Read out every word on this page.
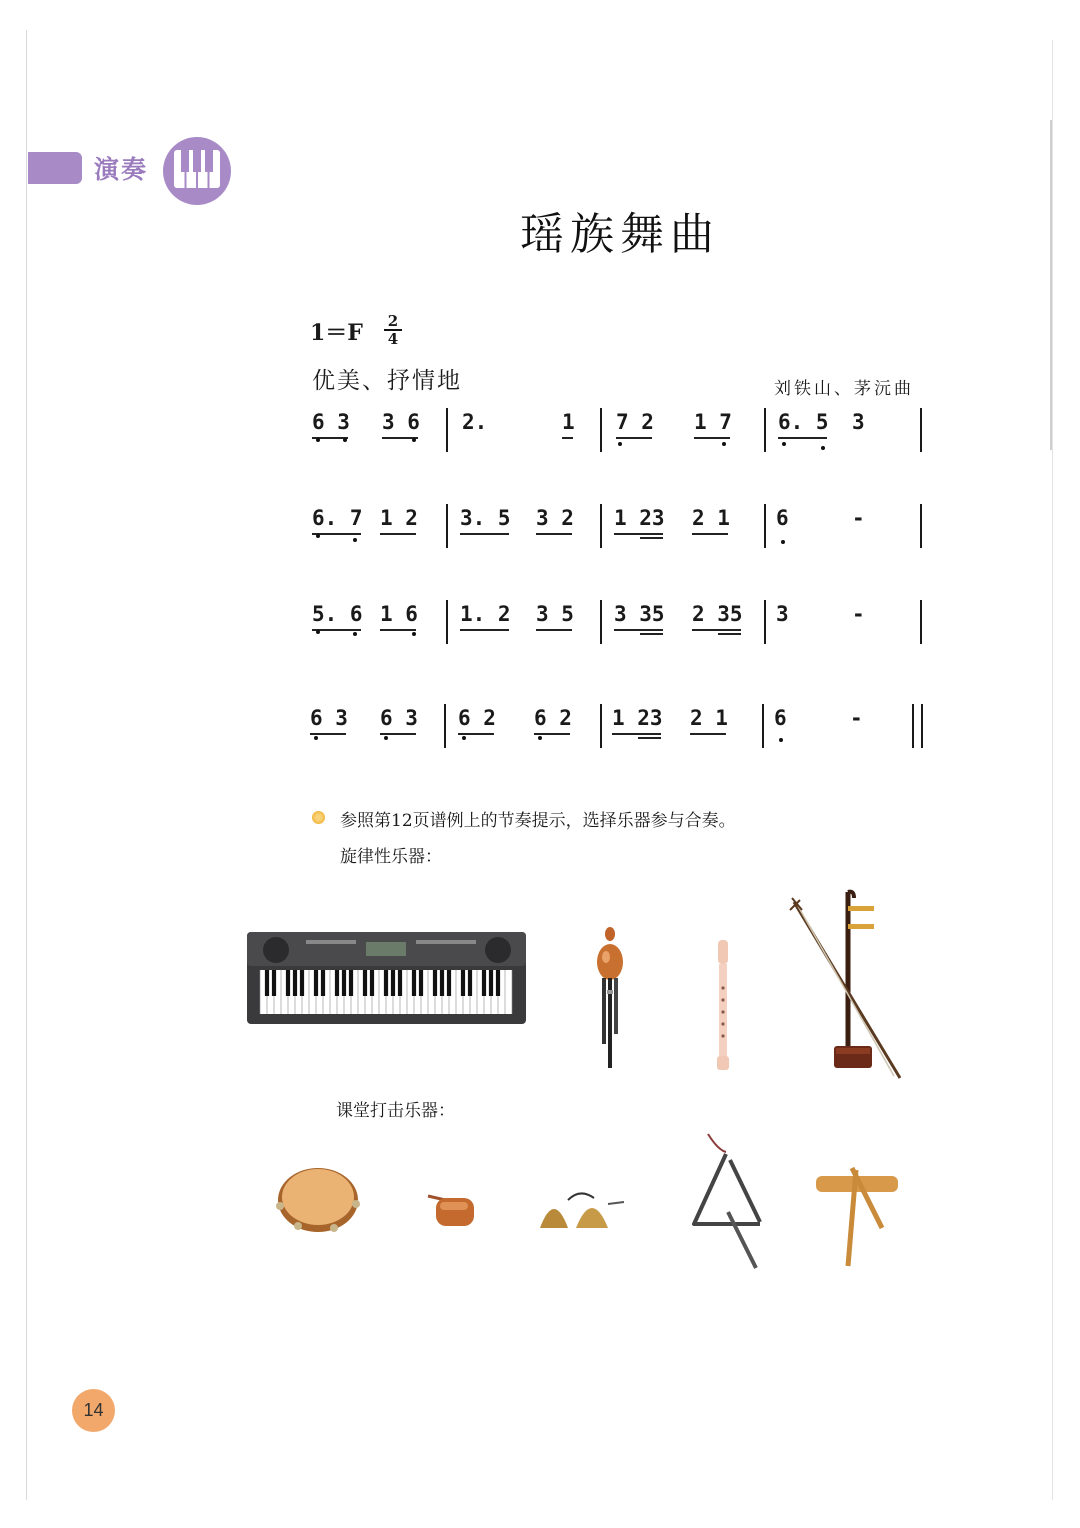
演奏
瑶族舞曲
1＝F 2
4
优美、抒情地	刘铁山、茅沅曲
6 3 3 6 2.	1 7 2 1 7 6. 5 3
6. 7 1 2 3. 5 3 2 1 23 2 1 6	-
5. 6 1 6 1. 2 3 5 3 35 2 35 3	-
6 3 6 3 6 2 6 2 1 23 2 1 6	-
参照第12页谱例上的节奏提示，选择乐器参与合奏。
旋律性乐器：
课堂打击乐器：
14
